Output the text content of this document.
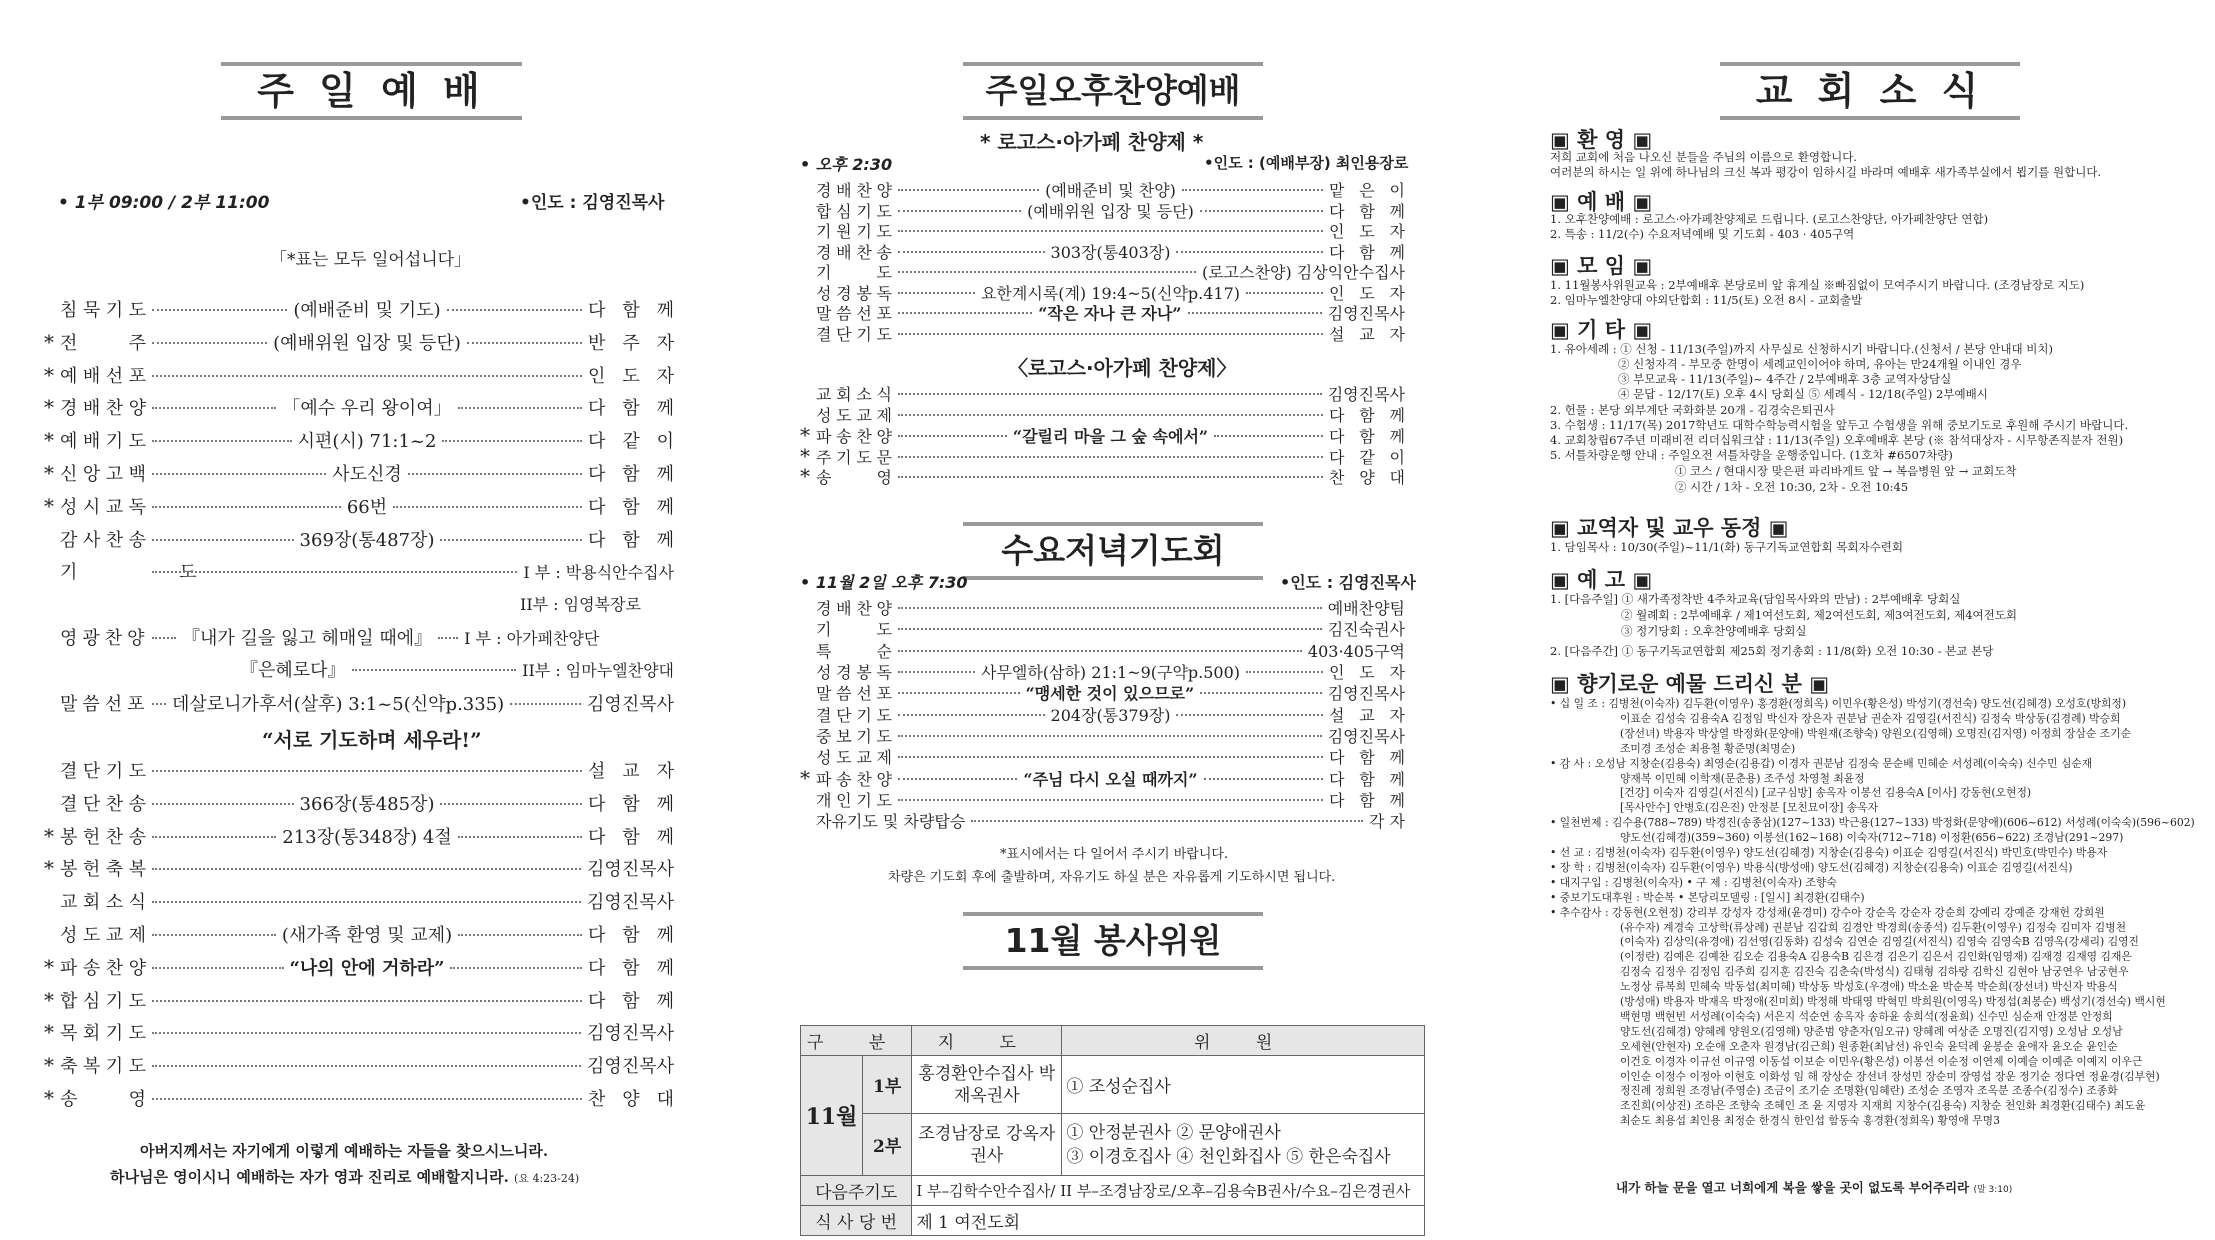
주 일 예 배
• 1부 09:00 / 2부 11:00	•인도 : 김영진목사
「*표는 모두 일어섭니다」
침 묵 기 도	(예배준비 및 기도)	다 함 께
* 전	주	(예배위원 입장 및 등단)	반 주 자
* 예 배 선 포	인 도 자
* 경 배 찬 양	「예수 우리 왕이여」	다 함 께
* 예 배 기 도	시편(시) 71:1~2	다 같 이
* 신 앙 고 백	사도신경	다 함 께
* 성 시 교 독	66번	다 함 께
감 사 찬 송	369장(통487장)	다 함 께
기 도	I 부 : 박용식안수집사
II부 : 임영복장로
영광찬양 『내가 길을 잃고 헤매일 때에』 I 부 : 아가페찬양단
『은혜로다』	II부 : 임마누엘찬양대
말씀선포 데살로니가후서(살후) 3:1~5(신약p.335)	김영진목사
“서로 기도하며 세우라!”
결 단 기 도	설 교 자
결 단 찬 송	366장(통485장)	다 함 께
* 봉 헌 찬 송	213장(통348장) 4절	다 함 께
* 봉 헌 축 복	김영진목사
교 회 소 식	김영진목사
성 도 교 제	(새가족 환영 및 교제)	다 함 께
* 파 송 찬 양	“나의 안에 거하라”	다 함 께
* 합 심 기 도	다 함 께
* 목 회 기 도	김영진목사
* 축 복 기 도	김영진목사
* 송	영	찬 양 대
아버지께서는 자기에게 이렇게 예배하는 자들을 찾으시느니라.
하나님은 영이시니 예배하는 자가 영과 진리로 예배할지니라. (요 4:23-24)
주일오후찬양예배
* 로고스·아가페 찬양제 *
• 오후 2:30	•인도 : (예배부장) 최인용장로
경 배 찬 양	(예배준비 및 찬양)	맡 은 이
합 심 기 도	(예배위원 입장 및 등단)	다 함 께
기 원 기 도	인 도 자
경 배 찬 송	303장(통403장)	다 함 께
기	도	(로고스찬양) 김상익안수집사
성 경 봉 독	요한계시록(계) 19:4~5(신약p.417)	인 도 자
말 씀 선 포	“작은 자나 큰 자나”	김영진목사
결 단 기 도	설 교 자
〈로고스·아가페 찬양제〉
교 회 소 식	김영진목사
성 도 교 제	다 함 께
* 파 송 찬 양	“갈릴리 마을 그 숲 속에서”	다 함 께
* 주 기 도 문	다 같 이
* 송	영	찬 양 대
수요저녁기도회
• 11월 2일 오후 7:30	•인도 : 김영진목사
경 배 찬 양	예배찬양팀
기	도	김진숙권사
특	순	403·405구역
성 경 봉 독	사무엘하(삼하) 21:1~9(구약p.500)	인 도 자
말 씀 선 포	“맹세한 것이 있으므로”	김영진목사
결 단 기 도	204장(통379장)	설 교 자
중 보 기 도	김영진목사
성 도 교 제	다 함 께
* 파 송 찬 양	“주님 다시 오실 때까지”	다 함 께
개 인 기 도	다 함 께
자유기도 및 차량탑승	각 자
*표시에서는 다 일어서 주시기 바랍니다.
차량은 기도회 후에 출발하며, 자유기도 하실 분은 자유롭게 기도하시면 됩니다.
11월 봉사위원
구 분		지 도	위 원
11월	1부	홍경환안수집사 박재옥권사	① 조성순집사
	2부	조경남장로 강옥자권사	① 안정분권사 ② 문양애권사
③ 이경호집사 ④ 천인화집사 ⑤ 한은숙집사

다음주기도		I 부–김학수안수집사/ II 부–조경남장로/오후–김용숙B권사/수요–김은경권사	
식 사 당 번		제 1 여전도회	
교 회 소 식
▣ 환 영 ▣
저희 교회에 처음 나오신 분들을 주님의 이름으로 환영합니다.
여러분의 하시는 일 위에 하나님의 크신 복과 평강이 임하시길 바라며 예배후 새가족부실에서 뵙기를 원합니다.
▣ 예 배 ▣
1. 오후찬양예배 : 로고스·아가페찬양제로 드립니다. (로고스찬양단, 아가페찬양단 연합)
2. 특송 : 11/2(수) 수요저녁예배 및 기도회 - 403 · 405구역
▣ 모 임 ▣
1. 11월봉사위원교육 : 2부예배후 본당로비 앞 휴게실 ※빠짐없이 모여주시기 바랍니다. (조경남장로 지도)
2. 임마누엘찬양대 야외단합회 : 11/5(토) 오전 8시 - 교회출발
▣ 기 타 ▣
1. 유아세례 : ① 신청 - 11/13(주일)까지 사무실로 신청하시기 바랍니다.(신청서 / 본당 안내대 비치)
② 신청자격 - 부모중 한명이 세례교인이어야 하며, 유아는 만24개월 이내인 경우
③ 부모교육 - 11/13(주일)~ 4주간 / 2부예배후 3층 교역자상담실
④ 문답 - 12/17(토) 오후 4시 당회실 ⑤ 세례식 - 12/18(주일) 2부예배시
2. 헌물 : 본당 외부계단 국화화분 20개 - 김경숙은퇴권사
3. 수험생 : 11/17(목) 2017학년도 대학수학능력시험을 앞두고 수험생을 위해 중보기도로 후원해 주시기 바랍니다.
4. 교회창립67주년 미래비전 리더십워크샵 : 11/13(주일) 오후예배후 본당 (※ 참석대상자 - 시무항존직분자 전원)
5. 서틀차량운행 안내 : 주일오전 셔틀차량을 운행중입니다. (1호차 #6507차량)
① 코스 / 현대시장 맞은편 파리바게트 앞 → 복음병원 앞 → 교회도착
② 시간 / 1차 - 오전 10:30, 2차 - 오전 10:45
▣ 교역자 및 교우 동정 ▣
1. 담임목사 : 10/30(주일)~11/1(화) 동구기독교연합회 목회자수련회
▣ 예 고 ▣
1. [다음주일] ① 새가족정착반 4주차교육(담임목사와의 만남) : 2부예배후 당회실
② 월례회 : 2부예배후 / 제1여선도회, 제2여선도회, 제3여전도회, 제4여전도회
③ 정기당회 : 오후찬양예배후 당회실
2. [다음주간] ① 동구기독교연합회 제25회 정기총회 : 11/8(화) 오전 10:30 - 본교 본당
▣ 향기로운 예물 드리신 분 ▣
• 십 일 조 : 김병천(이숙자) 김두환(이영우) 홍경환(정희옥) 이민우(황은성) 박성기(경선숙) 양도선(김혜경) 오성호(방희정)
이표순 김성숙 김용숙A 김정임 박신자 장은자 권분남 권순자 김영길(서진식) 김정숙 박상동(김경례) 박승희
(장선녀) 박용자 박상열 박정화(문양애) 박원재(조향숙) 양원오(김영해) 오명진(김지영) 이정희 장삼순 조기순
조미경 조성순 최용철 황준명(최명순)
• 감 사 : 오성남 지창순(김용숙) 최영순(김용갑) 이경자 권분남 김정숙 문순배 민혜순 서성례(이숙숙) 신수민 심순재
양재복 이민혜 이학재(문춘용) 조주성 차영철 최윤정
[건강] 이숙자 김영길(서진식) [교구심방] 송옥자 이봉선 김용숙A [이사] 강동현(오현정)
[목사안수] 안병호(김은진) 안정분 [모친묘이장] 송옥자
• 일천번제 : 김수용(788~789) 박경진(송종삼)(127~133) 박근용(127~133) 박정화(문양애)(606~612) 서성례(이숙숙)(596~602)
양도선(김혜경)(359~360) 이봉선(162~168) 이숙자(712~718) 이정환(656~622) 조경남(291~297)
• 선 교 : 김병천(이숙자) 김두환(이영우) 양도선(김혜경) 지창순(김용숙) 이표순 김영길(서진식) 박민호(박민수) 박용자
• 장 학 : 김병천(이숙자) 김두환(이영우) 박용식(방성애) 양도선(김혜경) 지창순(김용숙) 이표순 김영길(서진식)
• 대지구입 : 김병천(이숙자) • 구 제 : 김병천(이숙자) 조향숙
• 중보기도대후원 : 박순복 • 본당리모델링 : [일시] 최경환(김태수)
• 추수감사 : 강동현(오현정) 강리부 강성자 강성채(윤경미) 강수아 강순옥 강순자 강순희 강예리 강예준 강재헌 강희원
(유수자) 계경숙 고상학(류상례) 권분남 김갑희 김경안 박경희(송종석) 김두환(이영우) 김정숙 김미자 김병천
(이숙자) 김상익(유경애) 김선영(김동화) 김성숙 김연순 김영길(서진식) 김영숙 김영숙B 김영옥(강세리) 김영진
(이정란) 김예은 김예찬 김오순 김용숙A 김용숙B 김은경 김은기 김은서 김인화(임영재) 김재경 김재영 김재은
김정숙 김정우 김정임 김주희 김지훈 김진숙 김춘숙(박성식) 김태형 김하랑 김학신 김현아 남궁연우 남궁현우
노정상 류복희 민혜숙 박동섭(최미혜) 박상동 박성호(우경애) 박소윤 박순복 박순희(장선녀) 박신자 박용식
(방성애) 박용자 박재옥 박정애(진미희) 박정해 박태영 박혁민 박희원(이영옥) 박정섭(최봉순) 백성기(경선숙) 백시현
백현명 백현빈 서성례(이숙숙) 서은지 석순연 송옥자 송하윤 송희석(정윤희) 신수민 심순재 안정분 안정희
양도선(김혜경) 양혜례 양원오(김영해) 양준범 양춘자(임오규) 양혜례 여상준 오명진(김지영) 오성남 오성남
오세현(안현자) 오순애 오춘자 원경남(김근희) 원종환(최남선) 유인숙 윤덕례 윤봉순 윤애자 윤오순 윤인순
이건호 이경자 이규선 이규영 이동섭 이보순 이민우(황은성) 이봉선 이순정 이연제 이예슬 이예준 이예지 이우근
이인순 이정수 이정아 이현호 이화성 임 해 장상순 장선녀 장성민 장순미 장영섭 장운 정기순 정다연 정윤경(김부현)
정진례 정희원 조경남(주영순) 조금이 조기순 조명환(임혜란) 조성순 조영자 조옥분 조종수(김정수) 조종화
조진희(이상진) 조하은 조향숙 조혜인 조 윤 지영자 지재희 지창수(김용숙) 지창순 천인화 최경환(김태수) 최도윤
최순도 최용섭 최인용 최정순 한경식 한인섭 함동숙 홍경환(정희옥) 황영애 무명3
내가 하늘 문을 열고 너희에게 복을 쌓을 곳이 없도록 부어주리라 (말 3:10)
